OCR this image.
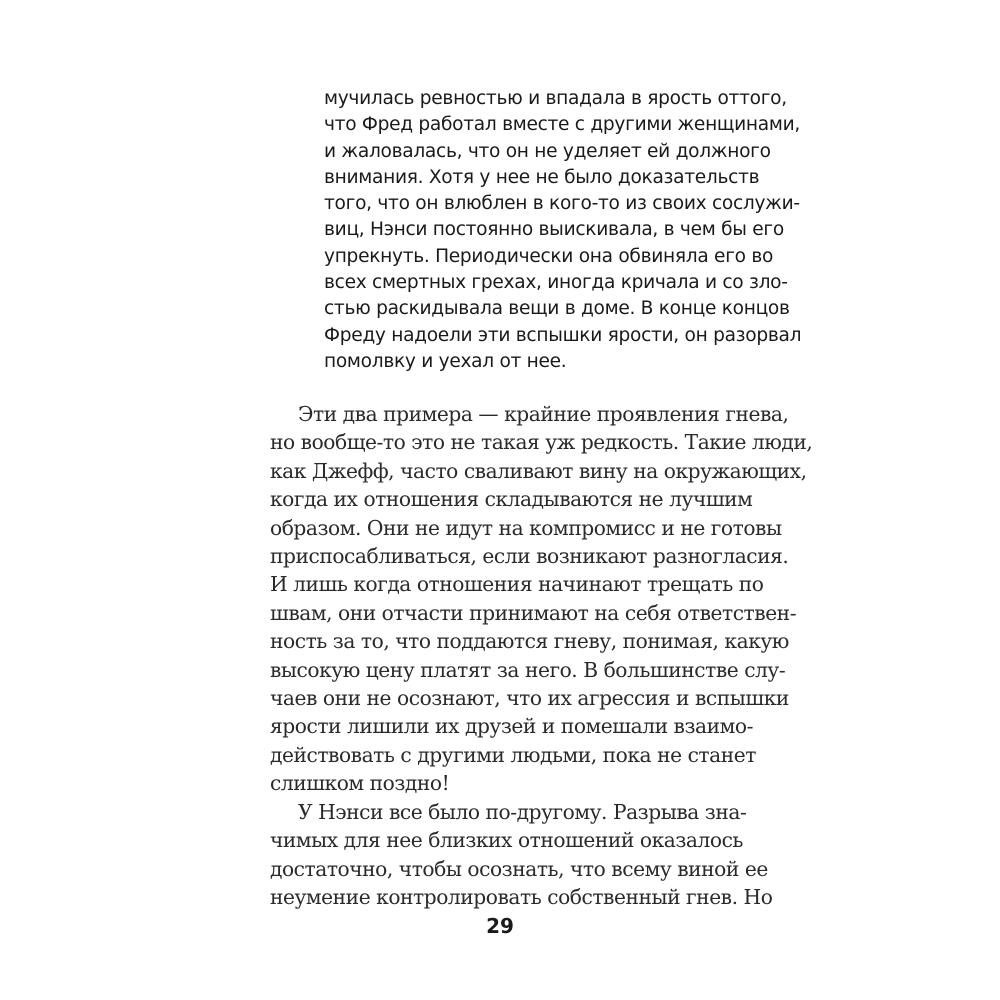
мучилась ревностью и впадала в ярость оттого,
что Фред работал вместе с другими женщинами,
и жаловалась, что он не уделяет ей должного
внимания. Хотя у нее не было доказательств
того, что он влюблен в кого-то из своих сослужи-
виц, Нэнси постоянно выискивала, в чем бы его
упрекнуть. Периодически она обвиняла его во
всех смертных грехах, иногда кричала и со зло-
стью раскидывала вещи в доме. В конце концов
Фреду надоели эти вспышки ярости, он разорвал
помолвку и уехал от нее.
Эти два примера — крайние проявления гнева,
но вообще-то это не такая уж редкость. Такие люди,
как Джефф, часто сваливают вину на окружающих,
когда их отношения складываются не лучшим
образом. Они не идут на компромисс и не готовы
приспосабливаться, если возникают разногласия.
И лишь когда отношения начинают трещать по
швам, они отчасти принимают на себя ответствен-
ность за то, что поддаются гневу, понимая, какую
высокую цену платят за него. В большинстве слу-
чаев они не осознают, что их агрессия и вспышки
ярости лишили их друзей и помешали взаимо-
действовать с другими людьми, пока не станет
слишком поздно!
У Нэнси все было по-другому. Разрыва зна-
чимых для нее близких отношений оказалось
достаточно, чтобы осознать, что всему виной ее
неумение контролировать собственный гнев. Но
29
